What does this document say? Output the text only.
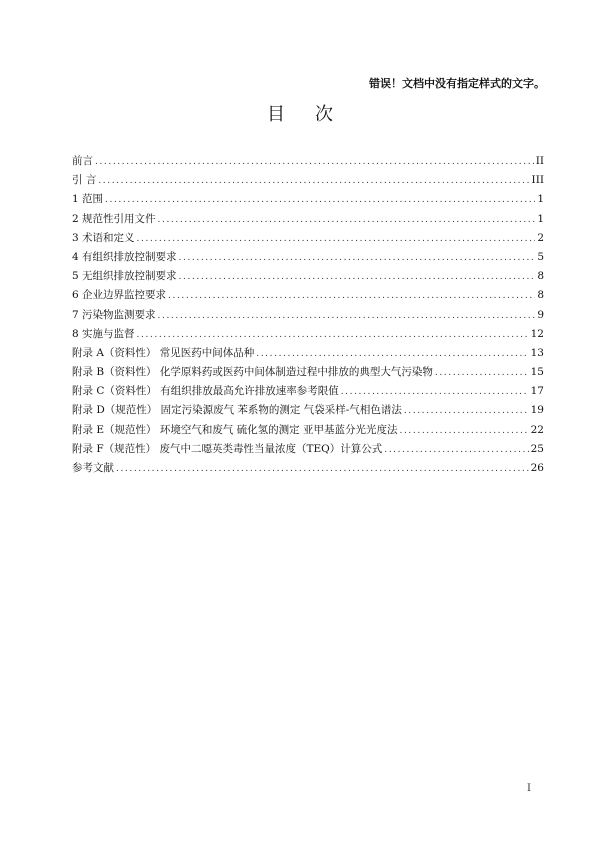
错误！文档中没有指定样式的文字。
目次
前言 .....	II
引 言 .....	III
1 范围 .....	1
2 规范性引用文件 .....	1
3 术语和定义 .....	2
4 有组织排放控制要求 .....	5
5 无组织排放控制要求 .....	8
6 企业边界监控要求 .....	8
7 污染物监测要求 .....	9
8 实施与监督 .....	12
附录 A（资料性） 常见医药中间体品种 .....	13
附录 B（资料性） 化学原料药或医药中间体制造过程中排放的典型大气污染物 .....	15
附录 C（资料性） 有组织排放最高允许排放速率参考限值 .....	17
附录 D（规范性） 固定污染源废气 苯系物的测定 气袋采样-气相色谱法 .....	19
附录 E（规范性） 环境空气和废气 硫化氢的测定 亚甲基蓝分光光度法 .....	22
附录 F（规范性） 废气中二噁英类毒性当量浓度（TEQ）计算公式 .....	25
参考文献 .....	26
I
